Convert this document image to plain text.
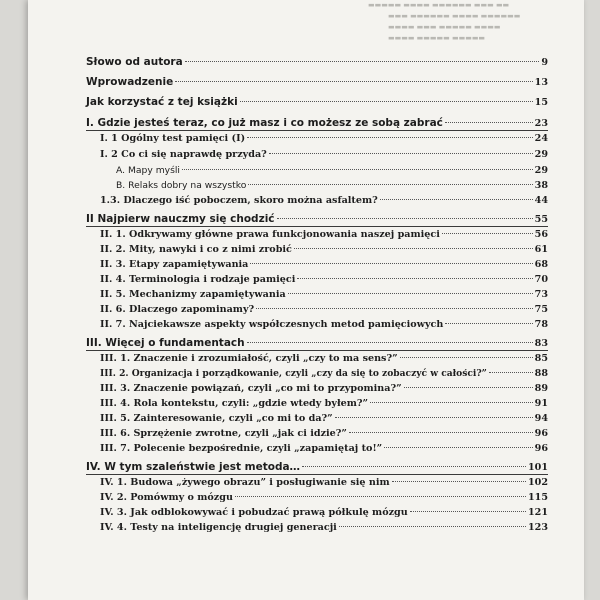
▬▬▬▬▬ ▬▬▬▬ ▬▬▬▬▬▬ ▬▬▬ ▬▬
▬▬▬ ▬▬▬▬▬▬ ▬▬▬▬ ▬▬▬▬▬▬
▬▬▬▬ ▬▬▬ ▬▬▬▬▬ ▬▬▬▬
▬▬▬▬ ▬▬▬▬▬ ▬▬▬▬▬
Słowo od autora	9
Wprowadzenie	13
Jak korzystać z tej książki	15
I. Gdzie jesteś teraz, co już masz i co możesz ze sobą zabrać	23
I. 1 Ogólny test pamięci (I)	24
I. 2 Co ci się naprawdę przyda?	29
A. Mapy myśli	29
B. Relaks dobry na wszystko	38
1.3. Dlaczego iść poboczem, skoro można asfaltem?	44
II Najpierw nauczmy się chodzić	55
II. 1. Odkrywamy główne prawa funkcjonowania naszej pamięci	56
II. 2. Mity, nawyki i co z nimi zrobić	61
II. 3. Etapy zapamiętywania	68
II. 4. Terminologia i rodzaje pamięci	70
II. 5. Mechanizmy zapamiętywania	73
II. 6. Dlaczego zapominamy?	75
II. 7. Najciekawsze aspekty współczesnych metod pamięciowych	78
III. Więcej o fundamentach	83
III. 1. Znaczenie i zrozumiałość, czyli „czy to ma sens?”	85
III. 2. Organizacja i porządkowanie, czyli „czy da się to zobaczyć w całości?”	88
III. 3. Znaczenie powiązań, czyli „co mi to przypomina?”	89
III. 4. Rola kontekstu, czyli: „gdzie wtedy byłem?”	91
III. 5. Zainteresowanie, czyli „co mi to da?”	94
III. 6. Sprzężenie zwrotne, czyli „jak ci idzie?”	96
III. 7. Polecenie bezpośrednie, czyli „zapamiętaj to!”	96
IV. W tym szaleństwie jest metoda…	101
IV. 1. Budowa „żywego obrazu” i posługiwanie się nim	102
IV. 2. Pomówmy o mózgu	115
IV. 3. Jak odblokowywać i pobudzać prawą półkulę mózgu	121
IV. 4. Testy na inteligencję drugiej generacji	123
